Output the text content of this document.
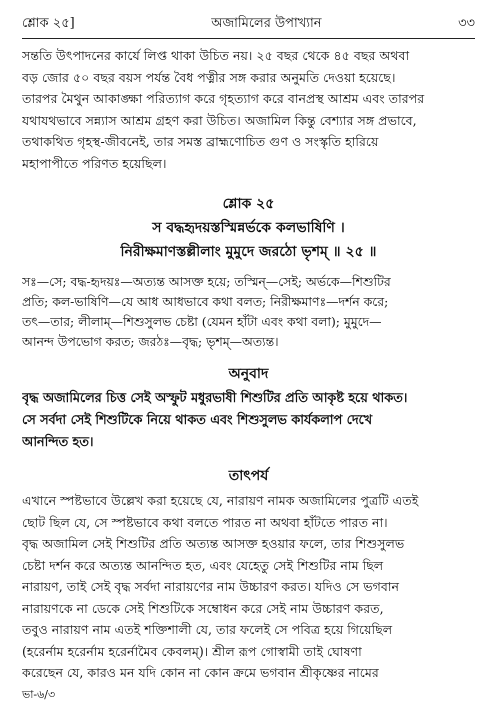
শ্লোক ২৫]	অজামিলের উপাখ্যান	৩৩
সন্ততি উৎপাদনের কার্যে লিপ্ত থাকা উচিত নয়। ২৫ বছর থেকে ৪৫ বছর অথবা
বড় জোর ৫০ বছর বয়স পর্যন্ত বৈধ পত্নীর সঙ্গ করার অনুমতি দেওয়া হয়েছে।
তারপর মৈথুন আকাঙ্ক্ষা পরিত্যাগ করে গৃহত্যাগ করে বানপ্রস্থ আশ্রম এবং তারপর
যথাযথভাবে সন্ন্যাস আশ্রম গ্রহণ করা উচিত। অজামিল কিন্তু বেশ্যার সঙ্গ প্রভাবে,
তথাকথিত গৃহস্থ-জীবনেই, তার সমস্ত ব্রাহ্মণোচিত গুণ ও সংস্কৃতি হারিয়ে
মহাপাপীতে পরিণত হয়েছিল।
শ্লোক ২৫
স বদ্ধহৃদয়স্তস্মিন্নর্ভকে কলভাষিণি ।
নিরীক্ষমাণস্তল্লীলাং মুমুদে জরঠো ভৃশম্ ॥ ২৫ ॥
সঃ—সে; বদ্ধ-হৃদয়ঃ—অত্যন্ত আসক্ত হয়ে; তস্মিন্—সেই; অর্ভকে—শিশুটির
প্রতি; কল-ভাষিণি—যে আধ আধভাবে কথা বলত; নিরীক্ষমাণঃ—দর্শন করে;
তৎ—তার; লীলাম্—শিশুসুলভ চেষ্টা (যেমন হাঁটা এবং কথা বলা); মুমুদে—
আনন্দ উপভোগ করত; জরঠঃ—বৃদ্ধ; ভৃশম্—অত্যন্ত।
অনুবাদ
বৃদ্ধ অজামিলের চিত্ত সেই অস্ফুট মধুরভাষী শিশুটির প্রতি আকৃষ্ট হয়ে থাকত।
সে সর্বদা সেই শিশুটিকে নিয়ে থাকত এবং শিশুসুলভ কার্যকলাপ দেখে
আনন্দিত হত।
তাৎপর্য
এখানে স্পষ্টভাবে উল্লেখ করা হয়েছে যে, নারায়ণ নামক অজামিলের পুত্রটি এতই
ছোট ছিল যে, সে স্পষ্টভাবে কথা বলতে পারত না অথবা হাঁটতে পারত না।
বৃদ্ধ অজামিল সেই শিশুটির প্রতি অত্যন্ত আসক্ত হওয়ার ফলে, তার শিশুসুলভ
চেষ্টা দর্শন করে অত্যন্ত আনন্দিত হত, এবং যেহেতু সেই শিশুটির নাম ছিল
নারায়ণ, তাই সেই বৃদ্ধ সর্বদা নারায়ণের নাম উচ্চারণ করত। যদিও সে ভগবান
নারায়ণকে না ডেকে সেই শিশুটিকে সম্বোধন করে সেই নাম উচ্চারণ করত,
তবুও নারায়ণ নাম এতই শক্তিশালী যে, তার ফলেই সে পবিত্র হয়ে গিয়েছিল
(হরের্নাম হরের্নাম হরের্নামৈব কেবলম্)। শ্রীল রূপ গোস্বামী তাই ঘোষণা
করেছেন যে, কারও মন যদি কোন না কোন ক্রমে ভগবান শ্রীকৃষ্ণের নামের
ভা-৬/৩
